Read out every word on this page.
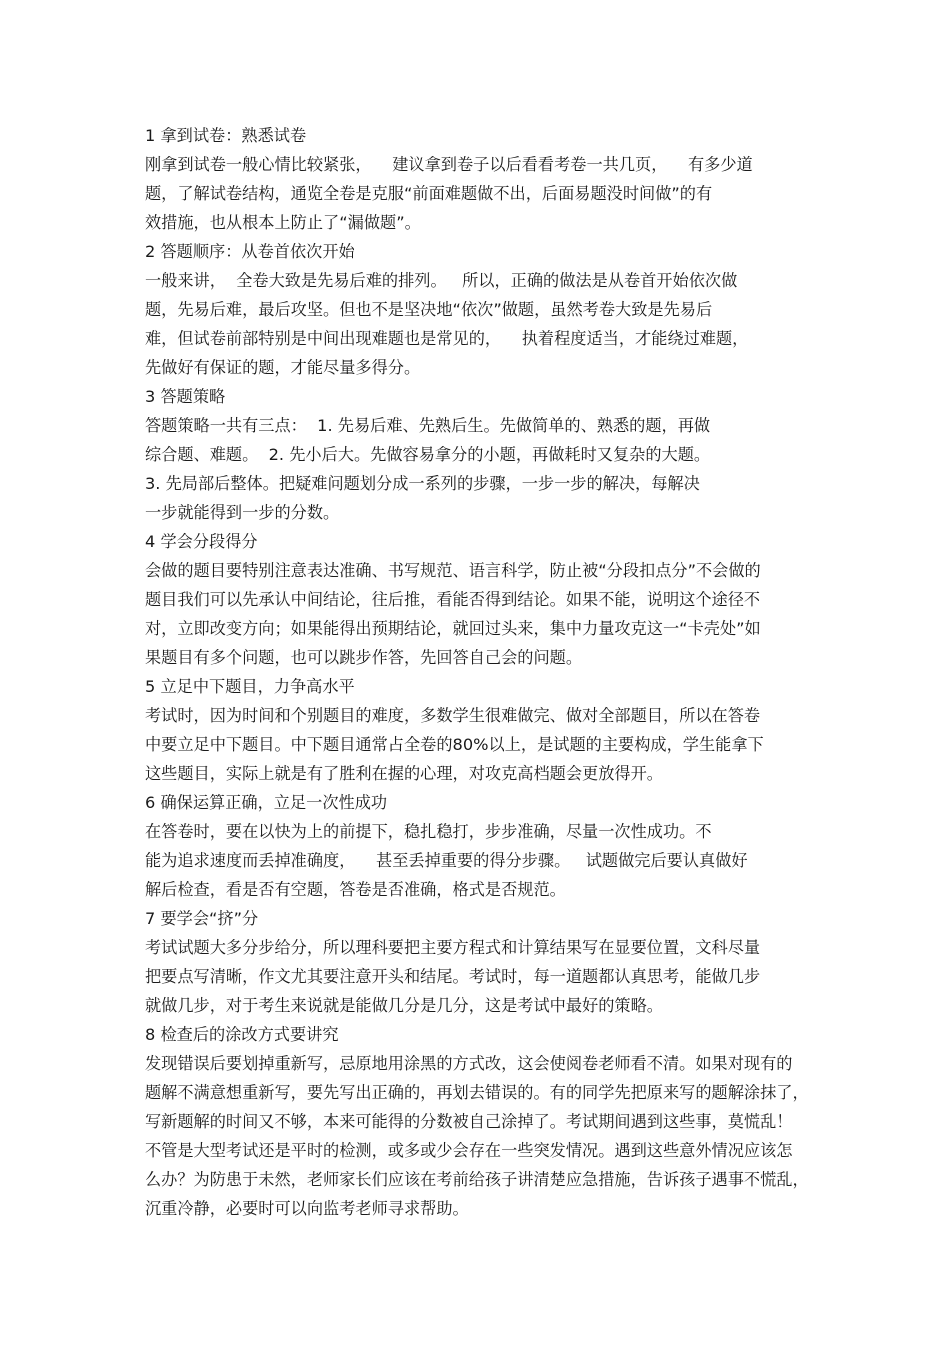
1 拿到试卷：熟悉试卷
刚拿到试卷一般心情比较紧张，    建议拿到卷子以后看看考卷一共几页，    有多少道
题，了解试卷结构，通览全卷是克服“前面难题做不出，后面易题没时间做”的有
效措施，也从根本上防止了“漏做题”。
2 答题顺序：从卷首依次开始
一般来讲，  全卷大致是先易后难的排列。   所以，正确的做法是从卷首开始依次做
题，先易后难，最后攻坚。但也不是坚决地“依次”做题，虽然考卷大致是先易后
难，但试卷前部特别是中间出现难题也是常见的，    执着程度适当，才能绕过难题，
先做好有保证的题，才能尽量多得分。
3 答题策略
答题策略一共有三点：  1. 先易后难、先熟后生。先做简单的、熟悉的题，再做
综合题、难题。  2. 先小后大。先做容易拿分的小题，再做耗时又复杂的大题。
3. 先局部后整体。把疑难问题划分成一系列的步骤，一步一步的解决，每解决
一步就能得到一步的分数。
4 学会分段得分
会做的题目要特别注意表达准确、书写规范、语言科学，防止被“分段扣点分”不会做的
题目我们可以先承认中间结论，往后推，看能否得到结论。如果不能，说明这个途径不
对，立即改变方向；如果能得出预期结论，就回过头来，集中力量攻克这一“卡壳处”如
果题目有多个问题，也可以跳步作答，先回答自己会的问题。
5 立足中下题目，力争高水平
考试时，因为时间和个别题目的难度，多数学生很难做完、做对全部题目，所以在答卷
中要立足中下题目。中下题目通常占全卷的80%以上，是试题的主要构成，学生能拿下
这些题目，实际上就是有了胜利在握的心理，对攻克高档题会更放得开。
6 确保运算正确，立足一次性成功
在答卷时，要在以快为上的前提下，稳扎稳打，步步准确，尽量一次性成功。不
能为追求速度而丢掉准确度，    甚至丢掉重要的得分步骤。   试题做完后要认真做好
解后检查，看是否有空题，答卷是否准确，格式是否规范。
7 要学会“挤”分
考试试题大多分步给分，所以理科要把主要方程式和计算结果写在显要位置，文科尽量
把要点写清晰，作文尤其要注意开头和结尾。考试时，每一道题都认真思考，能做几步
就做几步，对于考生来说就是能做几分是几分，这是考试中最好的策略。
8 检查后的涂改方式要讲究
发现错误后要划掉重新写，忌原地用涂黑的方式改，这会使阅卷老师看不清。如果对现有的
题解不满意想重新写，要先写出正确的，再划去错误的。有的同学先把原来写的题解涂抹了，
写新题解的时间又不够，本来可能得的分数被自己涂掉了。考试期间遇到这些事，莫慌乱！
不管是大型考试还是平时的检测，或多或少会存在一些突发情况。遇到这些意外情况应该怎
么办？为防患于未然，老师家长们应该在考前给孩子讲清楚应急措施，告诉孩子遇事不慌乱，
沉重冷静，必要时可以向监考老师寻求帮助。
